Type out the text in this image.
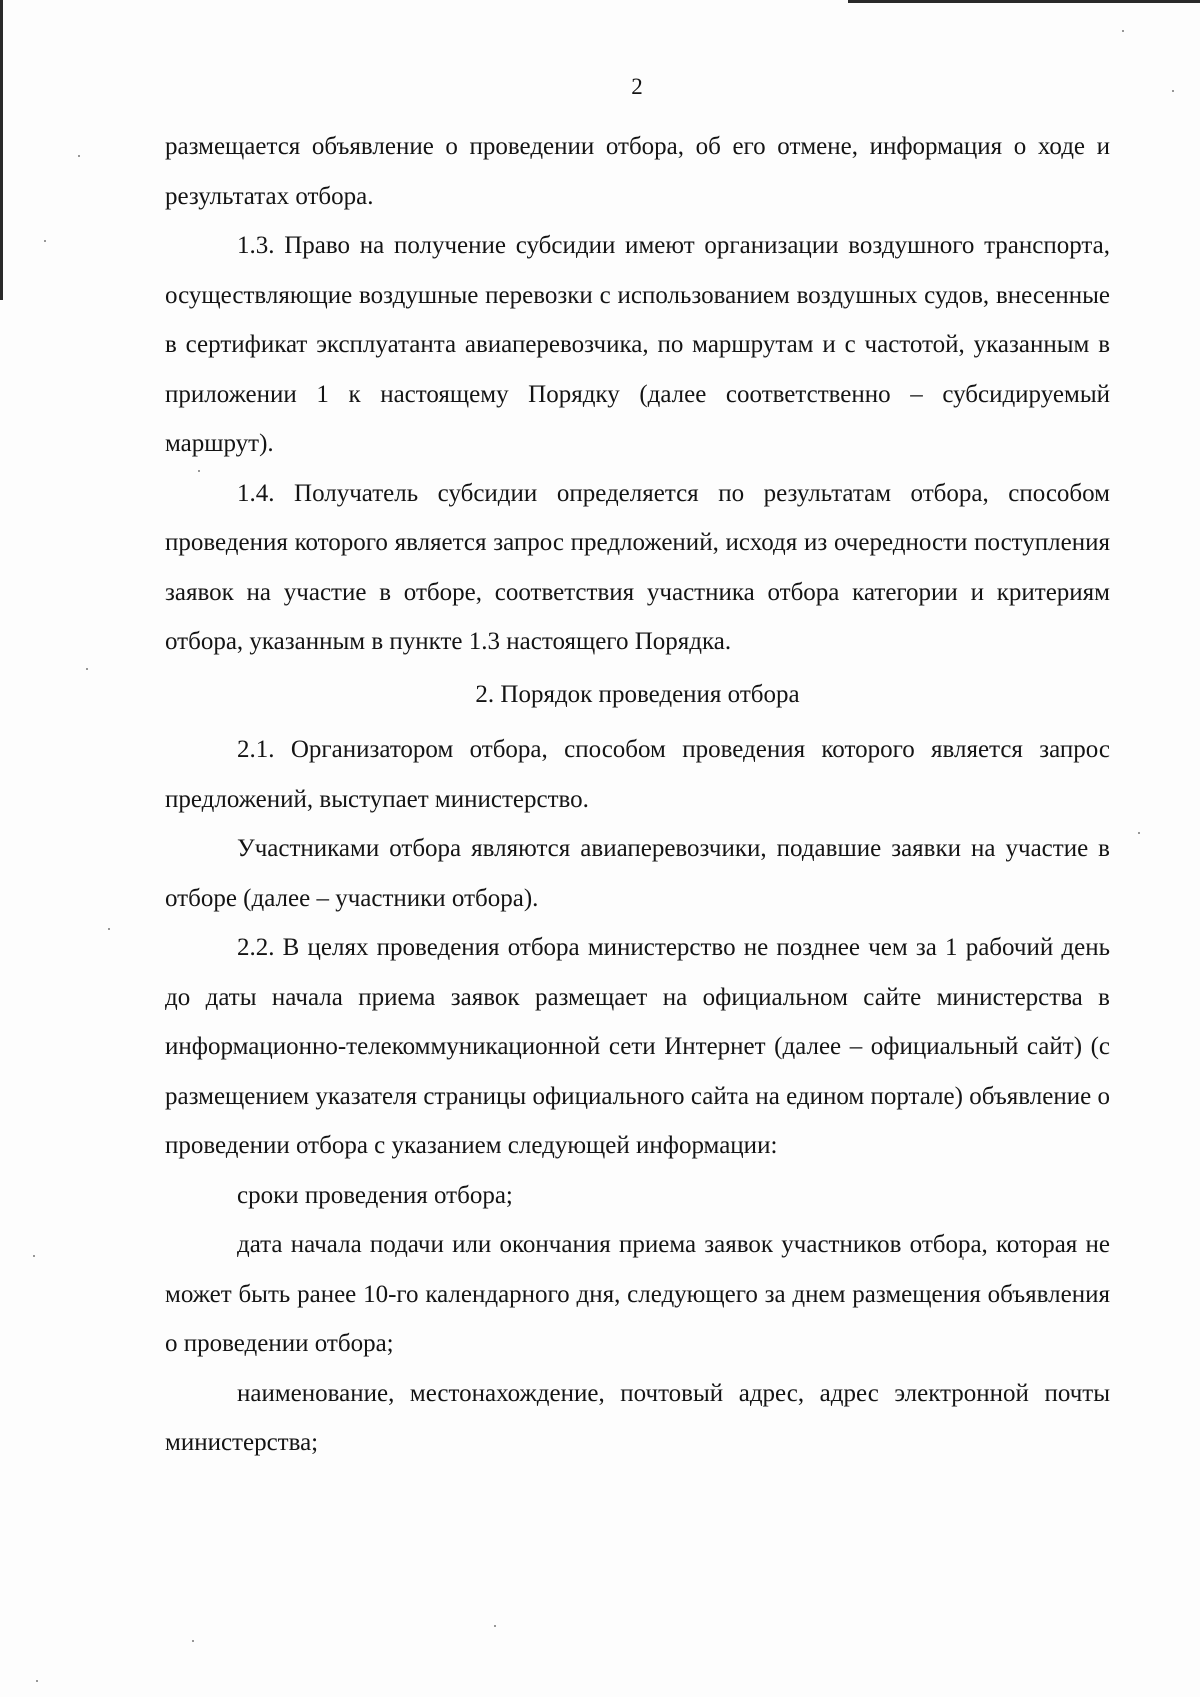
2

размещается объявление о проведении отбора, об его отмене, информация о ходе и результатах отбора.

1.3. Право на получение субсидии имеют организации воздушного транспорта, осуществляющие воздушные перевозки с использованием воздушных судов, внесенные в сертификат эксплуатанта авиаперевозчика, по маршрутам и с частотой, указанным в приложении 1 к настоящему Порядку (далее соответственно – субсидируемый маршрут).

1.4. Получатель субсидии определяется по результатам отбора, способом проведения которого является запрос предложений, исходя из очередности поступления заявок на участие в отборе, соответствия участника отбора категории и критериям отбора, указанным в пункте 1.3 настоящего Порядка.

2. Порядок проведения отбора

2.1. Организатором отбора, способом проведения которого является запрос предложений, выступает министерство.

Участниками отбора являются авиаперевозчики, подавшие заявки на участие в отборе (далее – участники отбора).

2.2. В целях проведения отбора министерство не позднее чем за 1 рабочий день до даты начала приема заявок размещает на официальном сайте министерства в информационно-телекоммуникационной сети Интернет (далее – официальный сайт) (с размещением указателя страницы официального сайта на едином портале) объявление о проведении отбора с указанием следующей информации:

сроки проведения отбора;

дата начала подачи или окончания приема заявок участников отбора, которая не может быть ранее 10-го календарного дня, следующего за днем размещения объявления о проведении отбора;

наименование, местонахождение, почтовый адрес, адрес электронной почты министерства;
